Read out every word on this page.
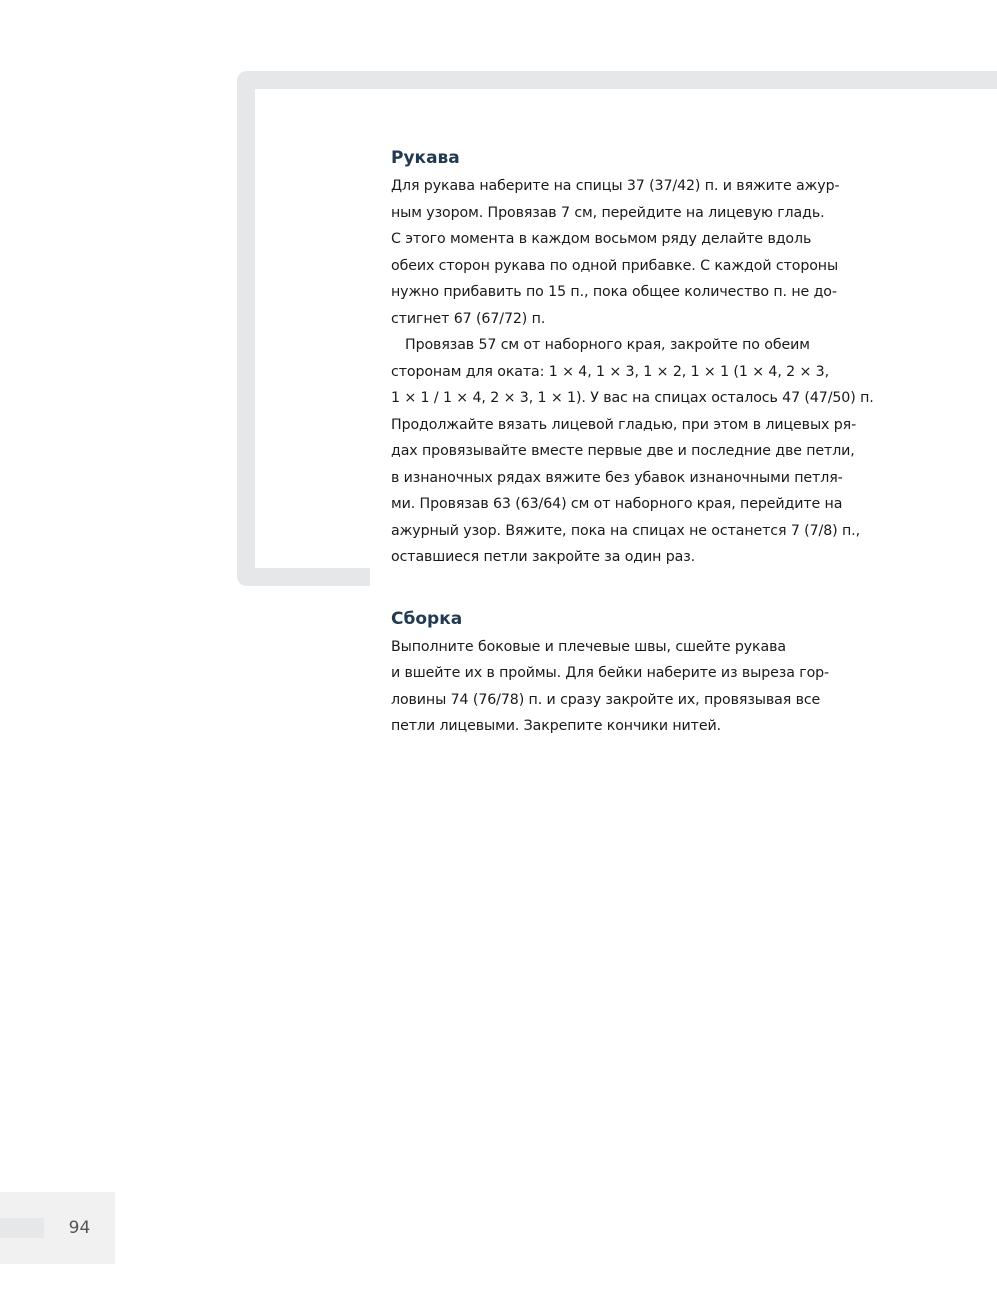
Рукава

Для рукава наберите на спицы 37 (37/42) п. и вяжите ажур-
ным узором. Провязав 7 см, перейдите на лицевую гладь.
С этого момента в каждом восьмом ряду делайте вдоль
обеих сторон рукава по одной прибавке. С каждой стороны
нужно прибавить по 15 п., пока общее количество п. не до-
стигнет 67 (67/72) п.

Провязав 57 см от наборного края, закройте по обеим
сторонам для оката: 1 × 4, 1 × 3, 1 × 2, 1 × 1 (1 × 4, 2 × 3,
1 × 1 / 1 × 4, 2 × 3, 1 × 1). У вас на спицах осталось 47 (47/50) п.
Продолжайте вязать лицевой гладью, при этом в лицевых ря-
дах провязывайте вместе первые две и последние две петли,
в изнаночных рядах вяжите без убавок изнаночными петля-
ми. Провязав 63 (63/64) см от наборного края, перейдите на
ажурный узор. Вяжите, пока на спицах не останется 7 (7/8) п.,
оставшиеся петли закройте за один раз.

Сборка

Выполните боковые и плечевые швы, сшейте рукава
и вшейте их в проймы. Для бейки наберите из выреза гор-
ловины 74 (76/78) п. и сразу закройте их, провязывая все
петли лицевыми. Закрепите кончики нитей.

94
